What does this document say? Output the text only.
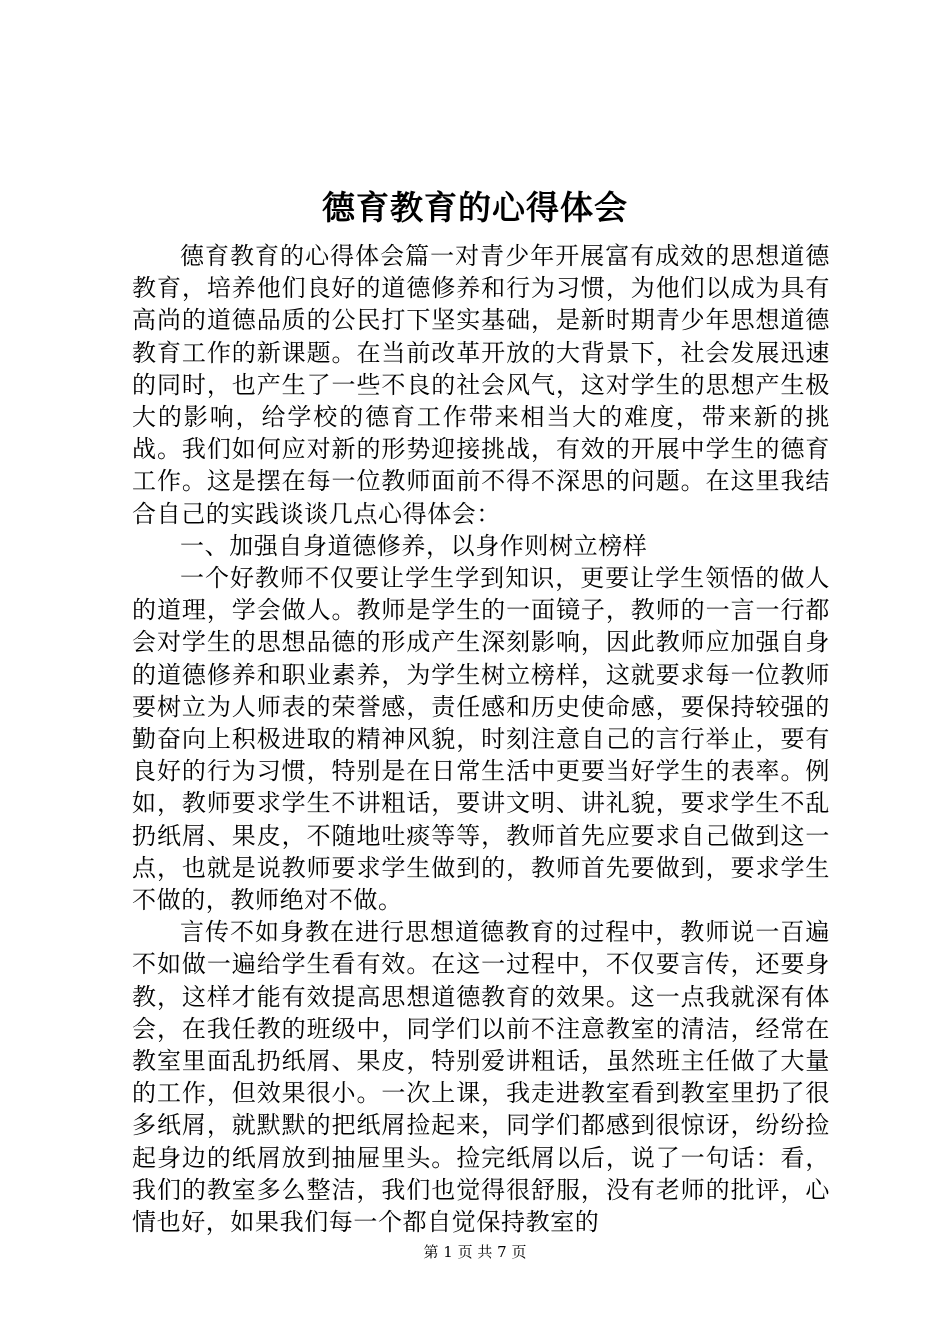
德育教育的心得体会

德育教育的心得体会篇一对青少年开展富有成效的思想道德教育，培养他们良好的道德修养和行为习惯，为他们以成为具有高尚的道德品质的公民打下坚实基础，是新时期青少年思想道德教育工作的新课题。在当前改革开放的大背景下，社会发展迅速的同时，也产生了一些不良的社会风气，这对学生的思想产生极大的影响，给学校的德育工作带来相当大的难度，带来新的挑战。我们如何应对新的形势迎接挑战，有效的开展中学生的德育工作。这是摆在每一位教师面前不得不深思的问题。在这里我结合自己的实践谈谈几点心得体会：

一、加强自身道德修养，以身作则树立榜样

一个好教师不仅要让学生学到知识，更要让学生领悟的做人的道理，学会做人。教师是学生的一面镜子，教师的一言一行都会对学生的思想品德的形成产生深刻影响，因此教师应加强自身的道德修养和职业素养，为学生树立榜样，这就要求每一位教师要树立为人师表的荣誉感，责任感和历史使命感，要保持较强的勤奋向上积极进取的精神风貌，时刻注意自己的言行举止，要有良好的行为习惯，特别是在日常生活中更要当好学生的表率。例如，教师要求学生不讲粗话，要讲文明、讲礼貌，要求学生不乱扔纸屑、果皮，不随地吐痰等等，教师首先应要求自己做到这一点，也就是说教师要求学生做到的，教师首先要做到，要求学生不做的，教师绝对不做。

言传不如身教在进行思想道德教育的过程中，教师说一百遍不如做一遍给学生看有效。在这一过程中，不仅要言传，还要身教，这样才能有效提高思想道德教育的效果。这一点我就深有体会，在我任教的班级中，同学们以前不注意教室的清洁，经常在教室里面乱扔纸屑、果皮，特别爱讲粗话，虽然班主任做了大量的工作，但效果很小。一次上课，我走进教室看到教室里扔了很多纸屑，就默默的把纸屑捡起来，同学们都感到很惊讶，纷纷捡起身边的纸屑放到抽屉里头。捡完纸屑以后，说了一句话：看，我们的教室多么整洁，我们也觉得很舒服，没有老师的批评，心情也好，如果我们每一个都自觉保持教室的

第 1 页 共 7 页
